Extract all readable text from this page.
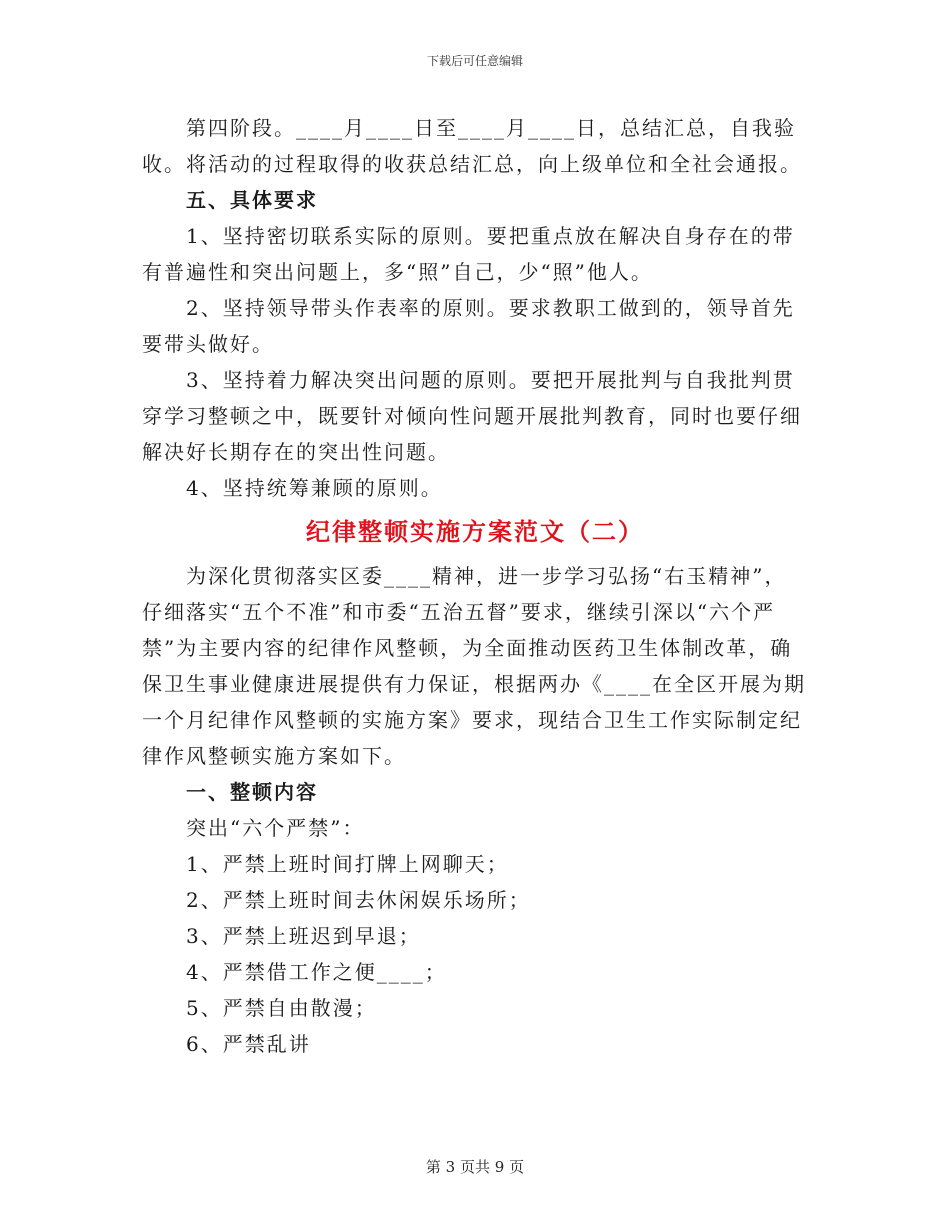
下载后可任意编辑

第四阶段。____月____日至____月____日，总结汇总，自我验收。将活动的过程取得的收获总结汇总，向上级单位和全社会通报。

五、具体要求

1、坚持密切联系实际的原则。要把重点放在解决自身存在的带有普遍性和突出问题上，多“照”自己，少“照”他人。

2、坚持领导带头作表率的原则。要求教职工做到的，领导首先要带头做好。

3、坚持着力解决突出问题的原则。要把开展批判与自我批判贯穿学习整顿之中，既要针对倾向性问题开展批判教育，同时也要仔细解决好长期存在的突出性问题。

4、坚持统筹兼顾的原则。

纪律整顿实施方案范文（二）

为深化贯彻落实区委____精神，进一步学习弘扬“右玉精神”，仔细落实“五个不准”和市委“五治五督”要求，继续引深以“六个严禁”为主要内容的纪律作风整顿，为全面推动医药卫生体制改革，确保卫生事业健康进展提供有力保证，根据两办《____在全区开展为期一个月纪律作风整顿的实施方案》要求，现结合卫生工作实际制定纪律作风整顿实施方案如下。

一、整顿内容

突出“六个严禁”：

1、严禁上班时间打牌上网聊天；

2、严禁上班时间去休闲娱乐场所；

3、严禁上班迟到早退；

4、严禁借工作之便____；

5、严禁自由散漫；

6、严禁乱讲

第 3 页共 9 页
